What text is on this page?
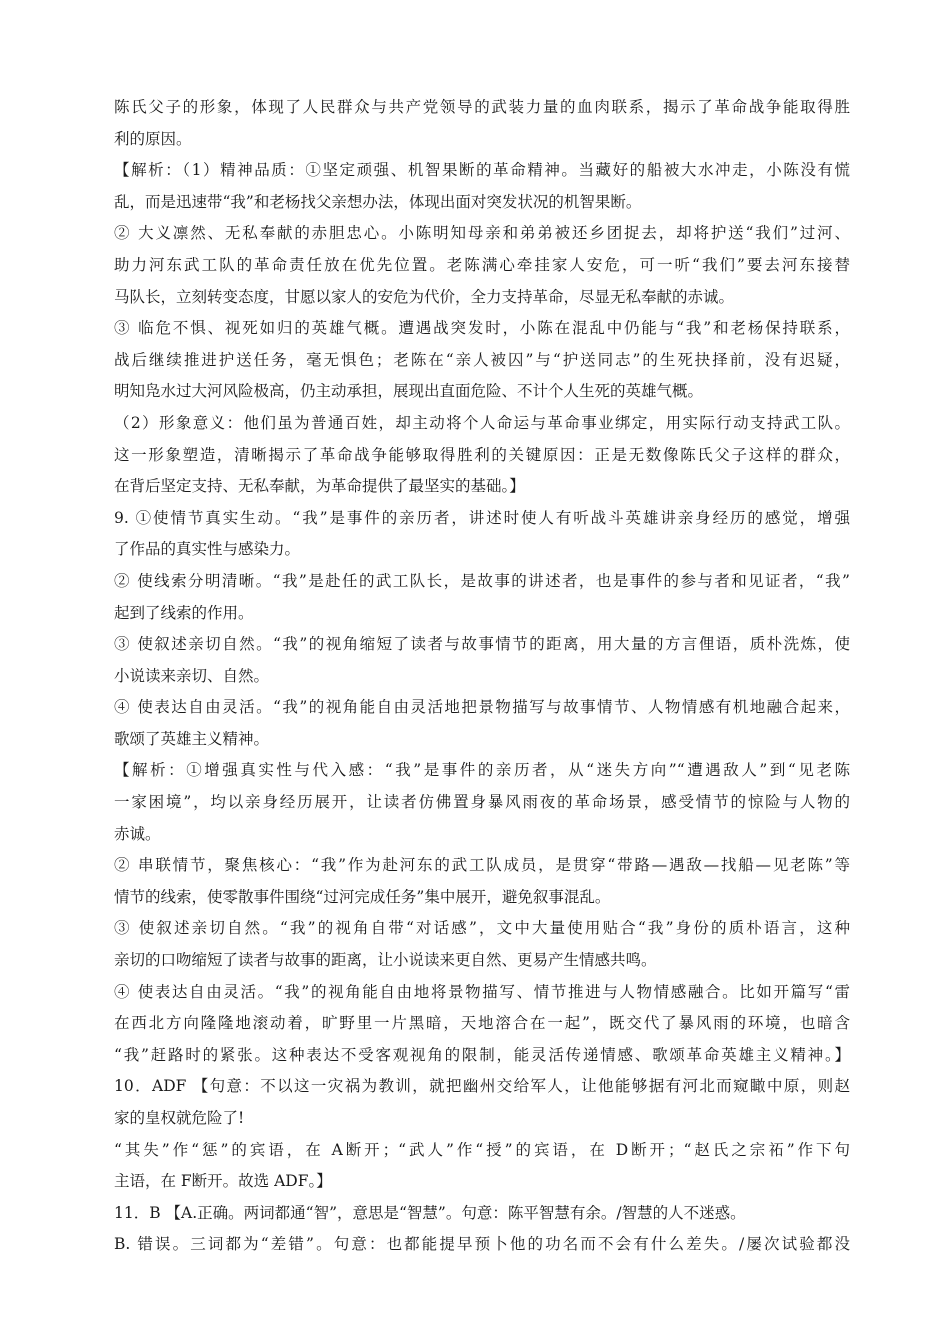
陈氏父子的形象，体现了人民群众与共产党领导的武装力量的血肉联系，揭示了革命战争能取得胜
利的原因。
【解析：（1）精神品质：①坚定顽强、机智果断的革命精神。当藏好的船被大水冲走，小陈没有慌
乱，而是迅速带“我”和老杨找父亲想办法，体现出面对突发状况的机智果断。
② 大义凛然、无私奉献的赤胆忠心。小陈明知母亲和弟弟被还乡团捉去，却将护送“我们”过河、
助力河东武工队的革命责任放在优先位置。老陈满心牵挂家人安危，可一听“我们”要去河东接替
马队长，立刻转变态度，甘愿以家人的安危为代价，全力支持革命，尽显无私奉献的赤诚。
③ 临危不惧、视死如归的英雄气概。遭遇战突发时，小陈在混乱中仍能与“我”和老杨保持联系，
战后继续推进护送任务，毫无惧色；老陈在“亲人被囚”与“护送同志”的生死抉择前，没有迟疑，
明知凫水过大河风险极高，仍主动承担，展现出直面危险、不计个人生死的英雄气概。
（2）形象意义：他们虽为普通百姓，却主动将个人命运与革命事业绑定，用实际行动支持武工队。
这一形象塑造，清晰揭示了革命战争能够取得胜利的关键原因：正是无数像陈氏父子这样的群众，
在背后坚定支持、无私奉献，为革命提供了最坚实的基础。】
9. ①使情节真实生动。“我”是事件的亲历者，讲述时使人有听战斗英雄讲亲身经历的感觉，增强
了作品的真实性与感染力。
② 使线索分明清晰。“我”是赴任的武工队长，是故事的讲述者，也是事件的参与者和见证者，“我”
起到了线索的作用。
③ 使叙述亲切自然。“我”的视角缩短了读者与故事情节的距离，用大量的方言俚语，质朴洗炼，使
小说读来亲切、自然。
④ 使表达自由灵活。“我”的视角能自由灵活地把景物描写与故事情节、人物情感有机地融合起来，
歌颂了英雄主义精神。
【解析：①增强真实性与代入感：“我”是事件的亲历者，从“迷失方向”“遭遇敌人”到“见老陈
一家困境”，均以亲身经历展开，让读者仿佛置身暴风雨夜的革命场景，感受情节的惊险与人物的
赤诚。
② 串联情节，聚焦核心：“我”作为赴河东的武工队成员，是贯穿“带路—遇敌—找船—见老陈”等
情节的线索，使零散事件围绕“过河完成任务”集中展开，避免叙事混乱。
③ 使叙述亲切自然。“我”的视角自带“对话感”，文中大量使用贴合“我”身份的质朴语言，这种
亲切的口吻缩短了读者与故事的距离，让小说读来更自然、更易产生情感共鸣。
④ 使表达自由灵活。“我”的视角能自由地将景物描写、情节推进与人物情感融合。比如开篇写“雷
在西北方向隆隆地滚动着，旷野里一片黑暗，天地溶合在一起”，既交代了暴风雨的环境，也暗含
“我”赶路时的紧张。这种表达不受客观视角的限制，能灵活传递情感、歌颂革命英雄主义精神。】
10．ADF 【句意：不以这一灾祸为教训，就把幽州交给军人，让他能够据有河北而窥瞰中原，则赵
家的皇权就危险了!
“其失”作“惩”的宾语，在 A断开；“武人”作“授”的宾语，在 D断开；“赵氏之宗祏”作下句
主语，在 F断开。故选 ADF。】
11．B 【A.正确。两词都通“智”，意思是“智慧”。句意：陈平智慧有余。/智慧的人不迷惑。
B. 错误。三词都为“差错”。句意：也都能提早预卜他的功名而不会有什么差失。/屡次试验都没
